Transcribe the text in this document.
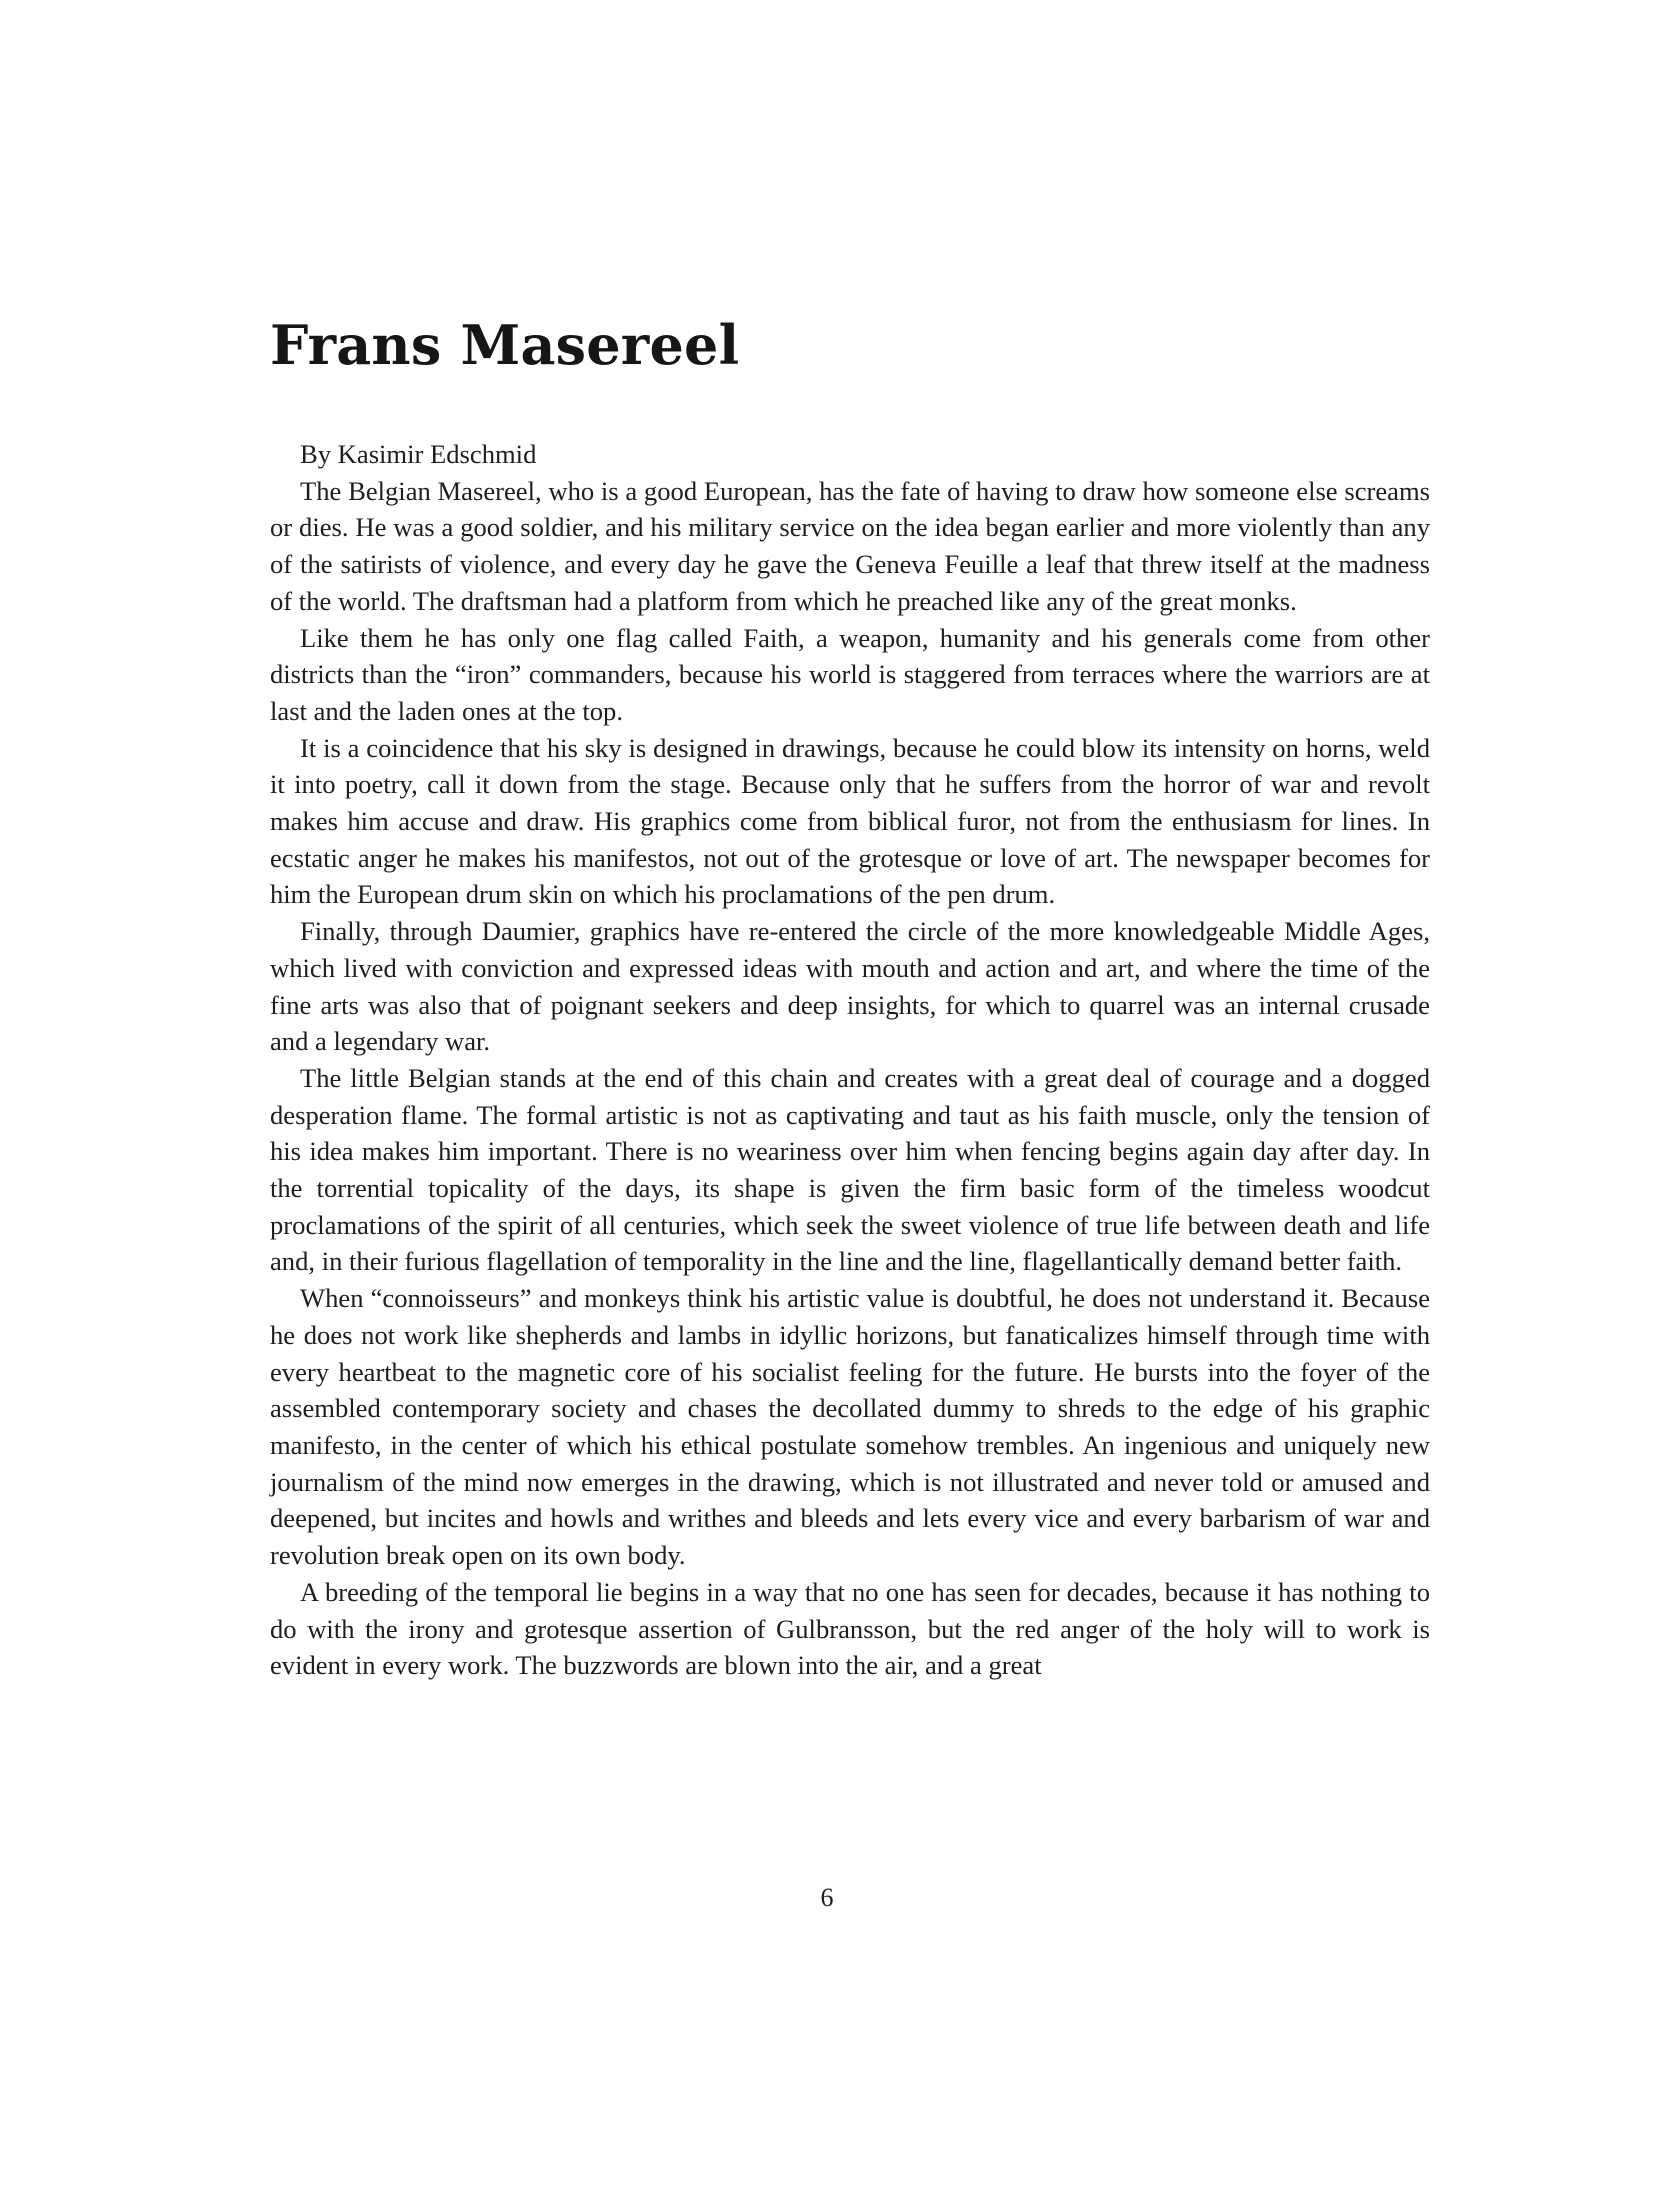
Frans Masereel

By Kasimir Edschmid

The Belgian Masereel, who is a good European, has the fate of having to draw how someone else screams or dies. He was a good soldier, and his military service on the idea began earlier and more violently than any of the satirists of violence, and every day he gave the Geneva Feuille a leaf that threw itself at the madness of the world. The draftsman had a platform from which he preached like any of the great monks.

Like them he has only one flag called Faith, a weapon, humanity and his generals come from other districts than the “iron” commanders, because his world is staggered from terraces where the warriors are at last and the laden ones at the top.

It is a coincidence that his sky is designed in drawings, because he could blow its intensity on horns, weld it into poetry, call it down from the stage. Because only that he suffers from the horror of war and revolt makes him accuse and draw. His graphics come from biblical furor, not from the enthusiasm for lines. In ecstatic anger he makes his manifestos, not out of the grotesque or love of art. The newspaper becomes for him the European drum skin on which his proclamations of the pen drum.

Finally, through Daumier, graphics have re-entered the circle of the more knowledgeable Middle Ages, which lived with conviction and expressed ideas with mouth and action and art, and where the time of the fine arts was also that of poignant seekers and deep insights, for which to quarrel was an internal crusade and a legendary war.

The little Belgian stands at the end of this chain and creates with a great deal of courage and a dogged desperation flame. The formal artistic is not as captivating and taut as his faith muscle, only the tension of his idea makes him important. There is no weariness over him when fencing begins again day after day. In the torrential topicality of the days, its shape is given the firm basic form of the timeless woodcut proclamations of the spirit of all centuries, which seek the sweet violence of true life between death and life and, in their furious flagellation of temporality in the line and the line, flagellantically demand better faith.

When “connoisseurs” and monkeys think his artistic value is doubtful, he does not understand it. Because he does not work like shepherds and lambs in idyllic horizons, but fanaticalizes himself through time with every heartbeat to the magnetic core of his socialist feeling for the future. He bursts into the foyer of the assembled contemporary society and chases the decollated dummy to shreds to the edge of his graphic manifesto, in the center of which his ethical postulate somehow trembles. An ingenious and uniquely new journalism of the mind now emerges in the drawing, which is not illustrated and never told or amused and deepened, but incites and howls and writhes and bleeds and lets every vice and every barbarism of war and revolution break open on its own body.

A breeding of the temporal lie begins in a way that no one has seen for decades, because it has nothing to do with the irony and grotesque assertion of Gulbransson, but the red anger of the holy will to work is evident in every work. The buzzwords are blown into the air, and a great

6
